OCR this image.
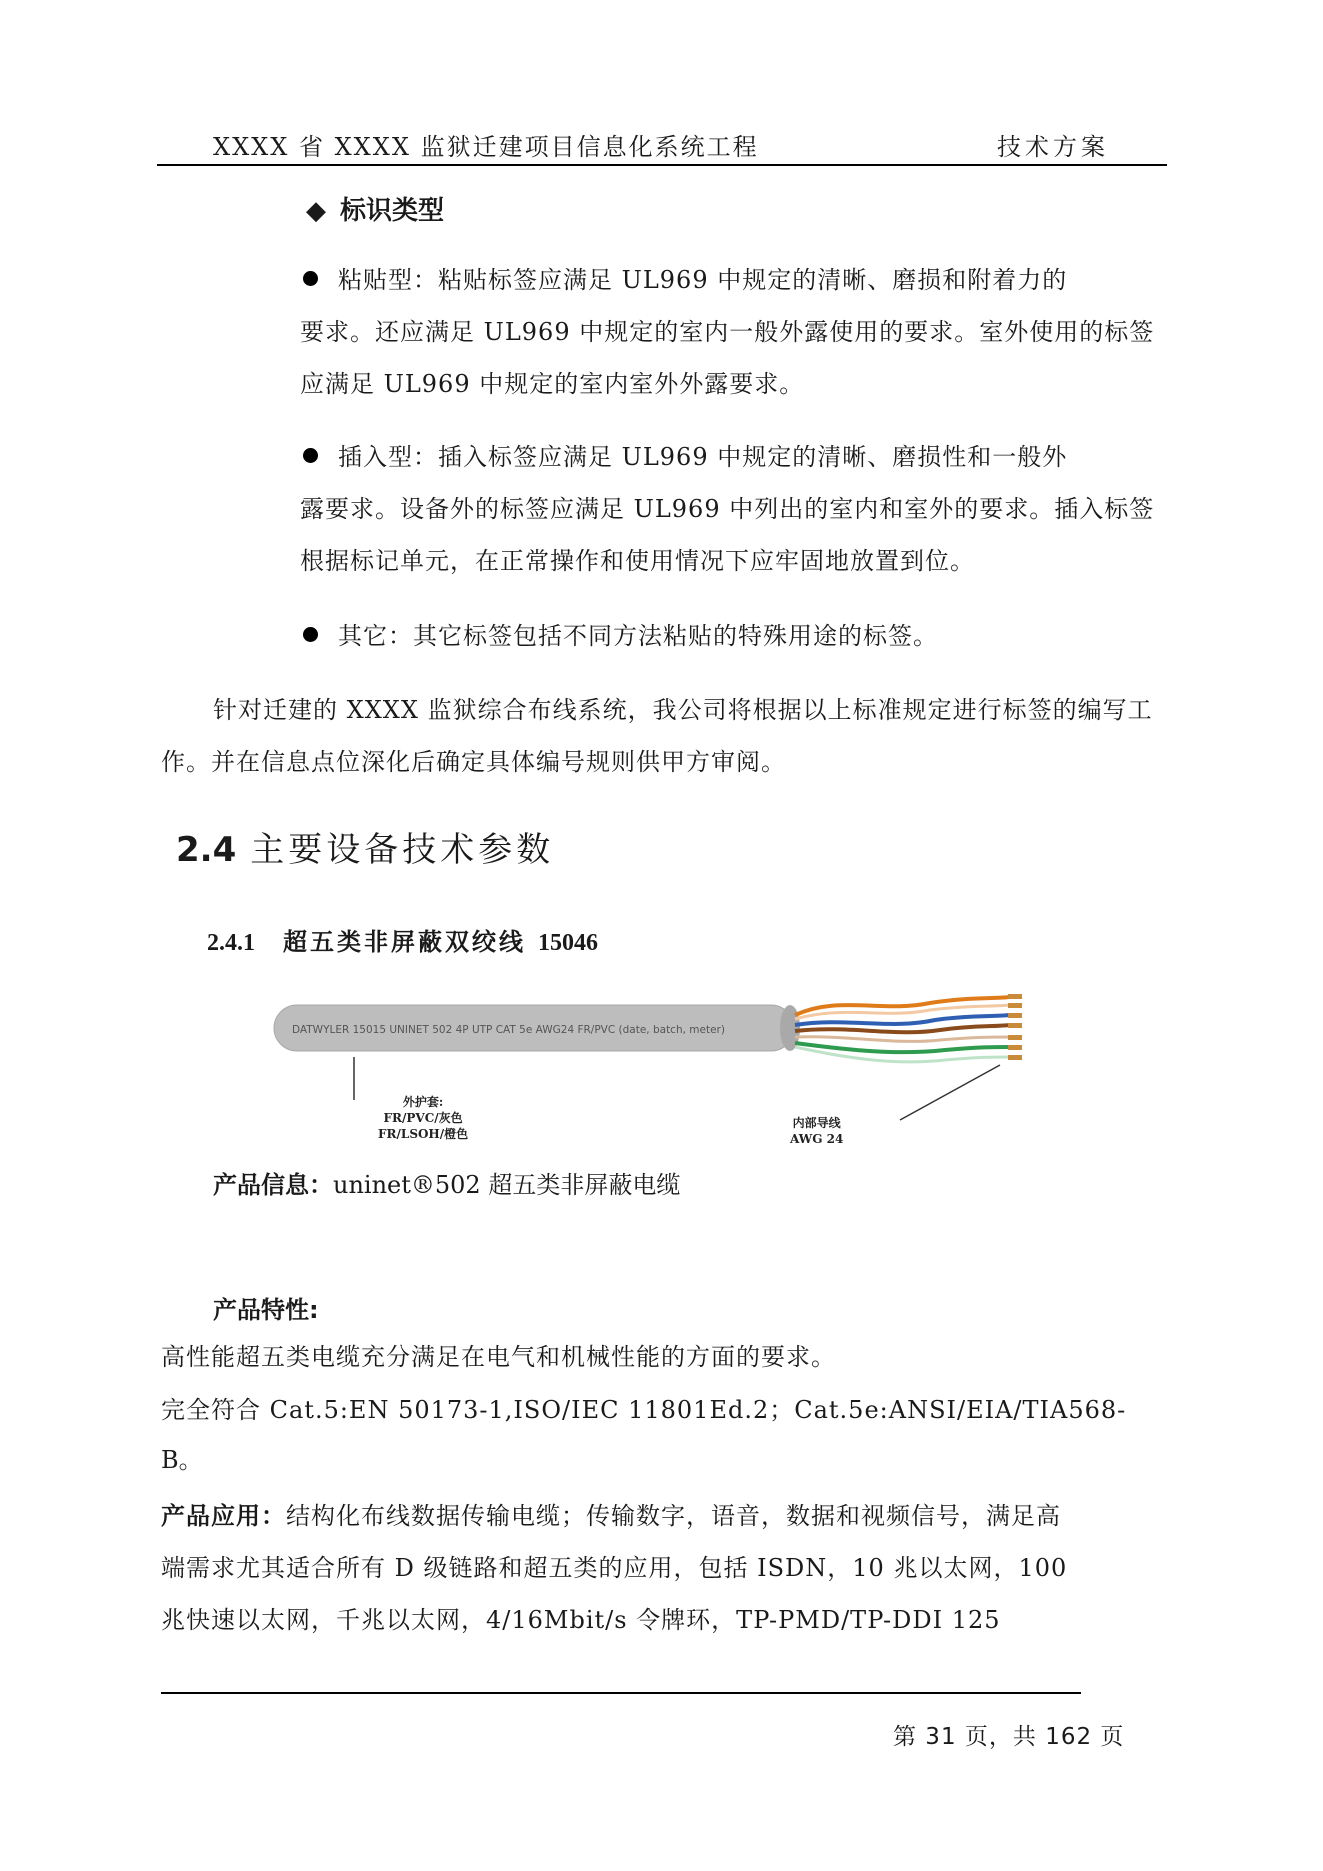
XXXX 省 XXXX 监狱迁建项目信息化系统工程	技术方案
◆ 标识类型
粘贴型：粘贴标签应满足 UL969 中规定的清晰、磨损和附着力的
要求。还应满足 UL969 中规定的室内一般外露使用的要求。室外使用的标签应满足 UL969 中规定的室内室外外露要求。
插入型：插入标签应满足 UL969 中规定的清晰、磨损性和一般外
露要求。设备外的标签应满足 UL969 中列出的室内和室外的要求。插入标签根据标记单元，在正常操作和使用情况下应牢固地放置到位。
其它：其它标签包括不同方法粘贴的特殊用途的标签。
针对迁建的 XXXX 监狱综合布线系统，我公司将根据以上标准规定进行标签的编写工作。并在信息点位深化后确定具体编号规则供甲方审阅。
2.4 主要设备技术参数
2.4.1 超五类非屏蔽双绞线 15046
DATWYLER 15015 UNINET 502 4P UTP CAT 5e AWG24 FR/PVC (date, batch, meter)
外护套:
FR/PVC/灰色
FR/LSOH/橙色
内部导线
AWG 24
产品信息：uninet®502 超五类非屏蔽电缆
产品特性:
高性能超五类电缆充分满足在电气和机械性能的方面的要求。
完全符合 Cat.5:EN 50173-1,ISO/IEC 11801Ed.2；Cat.5e:ANSI/EIA/TIA568-
B。
产品应用：结构化布线数据传输电缆；传输数字，语音，数据和视频信号，满足高端需求尤其适合所有 D 级链路和超五类的应用，包括 ISDN，10 兆以太网，100 兆快速以太网，千兆以太网，4/16Mbit/s 令牌环，TP-PMD/TP-DDI 125
第 31 页，共 162 页
